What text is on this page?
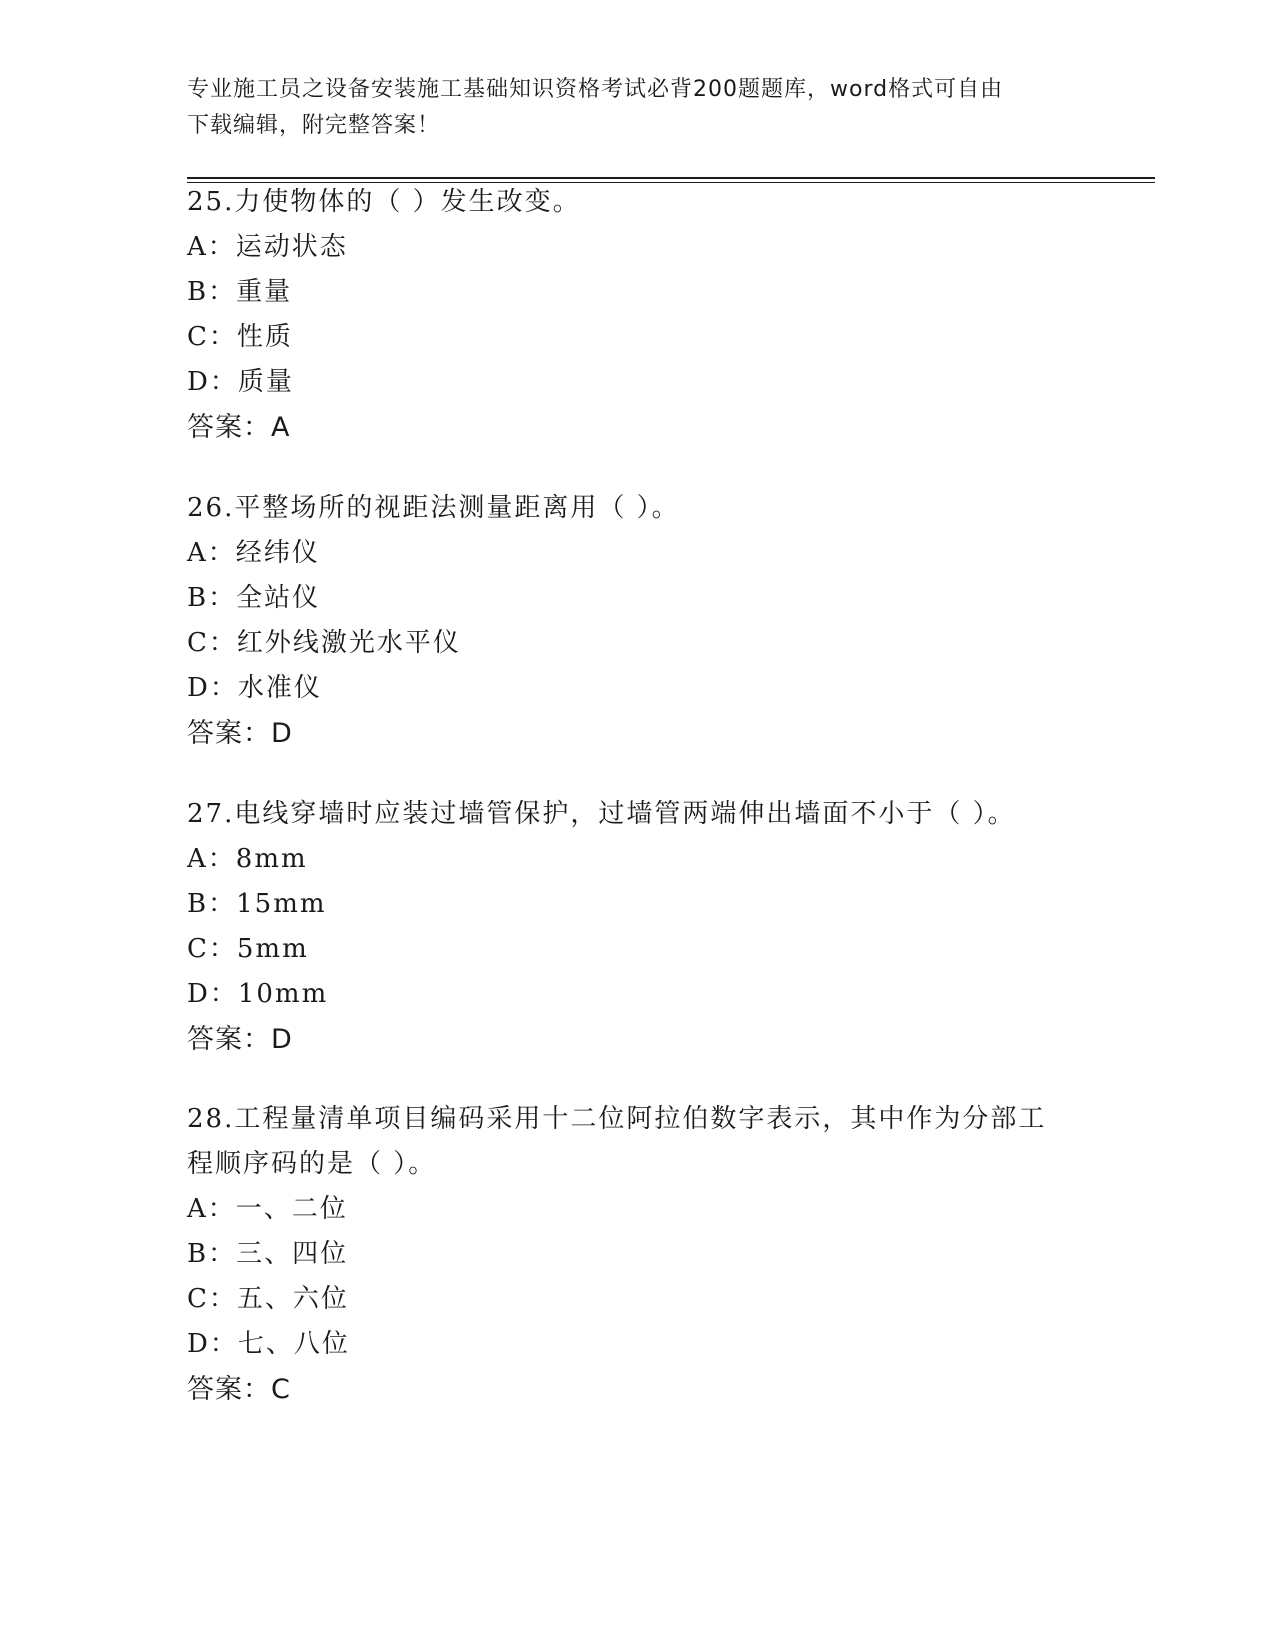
专业施工员之设备安装施工基础知识资格考试必背200题题库，word格式可自由
下载编辑，附完整答案！
25.力使物体的（ ）发生改变。
A：运动状态
B：重量
C：性质
D：质量
答案：A
26.平整场所的视距法测量距离用（ ）。
A：经纬仪
B：全站仪
C：红外线激光水平仪
D：水准仪
答案：D
27.电线穿墙时应装过墙管保护，过墙管两端伸出墙面不小于（ ）。
A：8mm
B：15mm
C：5mm
D：10mm
答案：D
28.工程量清单项目编码采用十二位阿拉伯数字表示，其中作为分部工
程顺序码的是（ ）。
A：一、二位
B：三、四位
C：五、六位
D：七、八位
答案：C
